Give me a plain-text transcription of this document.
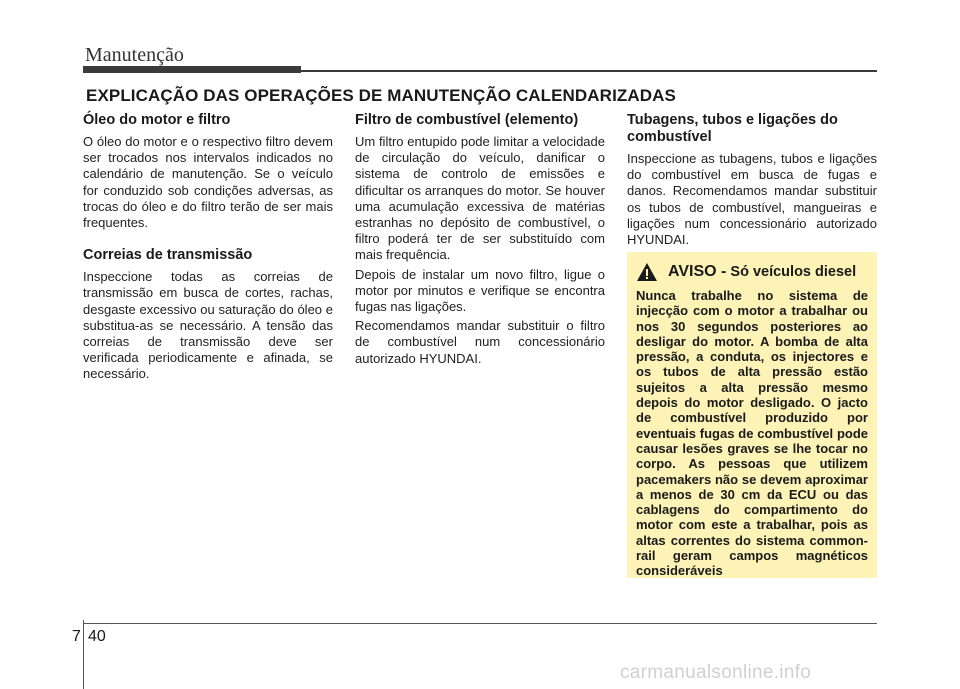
Manutenção
EXPLICAÇÃO DAS OPERAÇÕES DE MANUTENÇÃO CALENDARIZADAS
Óleo do motor e filtro

O óleo do motor e o respectivo filtro devem ser trocados nos intervalos indicados no calendário de manutenção. Se o veículo for conduzido sob condições adversas, as trocas do óleo e do filtro terão de ser mais frequentes.

Correias de transmissão

Inspeccione todas as correias de transmissão em busca de cortes, rachas, desgaste excessivo ou saturação do óleo e substitua-as se necessário. A tensão das correias de transmissão deve ser verificada periodicamente e afinada, se necessário.

Filtro de combustível (elemento)

Um filtro entupido pode limitar a velocidade de circulação do veículo, danificar o sistema de controlo de emissões e dificultar os arranques do motor. Se houver uma acumulação excessiva de matérias estranhas no depósito de combustível, o filtro poderá ter de ser substituído com mais frequência.

Depois de instalar um novo filtro, ligue o motor por minutos e verifique se encontra fugas nas ligações.

Recomendamos mandar substituir o filtro de combustível num concessionário autorizado HYUNDAI.

Tubagens, tubos e ligações do combustível

Inspeccione as tubagens, tubos e ligações do combustível em busca de fugas e danos. Recomendamos mandar substituir os tubos de combustível, mangueiras e ligações num concessionário autorizado HYUNDAI.

AVISO - Só veículos diesel
Nunca trabalhe no sistema de injecção com o motor a trabalhar ou nos 30 segundos posteriores ao desligar do motor. A bomba de alta pressão, a conduta, os injectores e os tubos de alta pressão estão sujeitos a alta pressão mesmo depois do motor desligado. O jacto de combustível produzido por eventuais fugas de combustível pode causar lesões graves se lhe tocar no corpo. As pessoas que utilizem pacemakers não se devem aproximar a menos de 30 cm da ECU ou das cablagens do compartimento do motor com este a trabalhar, pois as altas correntes do sistema common-rail geram campos magnéticos consideráveis
7 40
carmanualsonline.info
